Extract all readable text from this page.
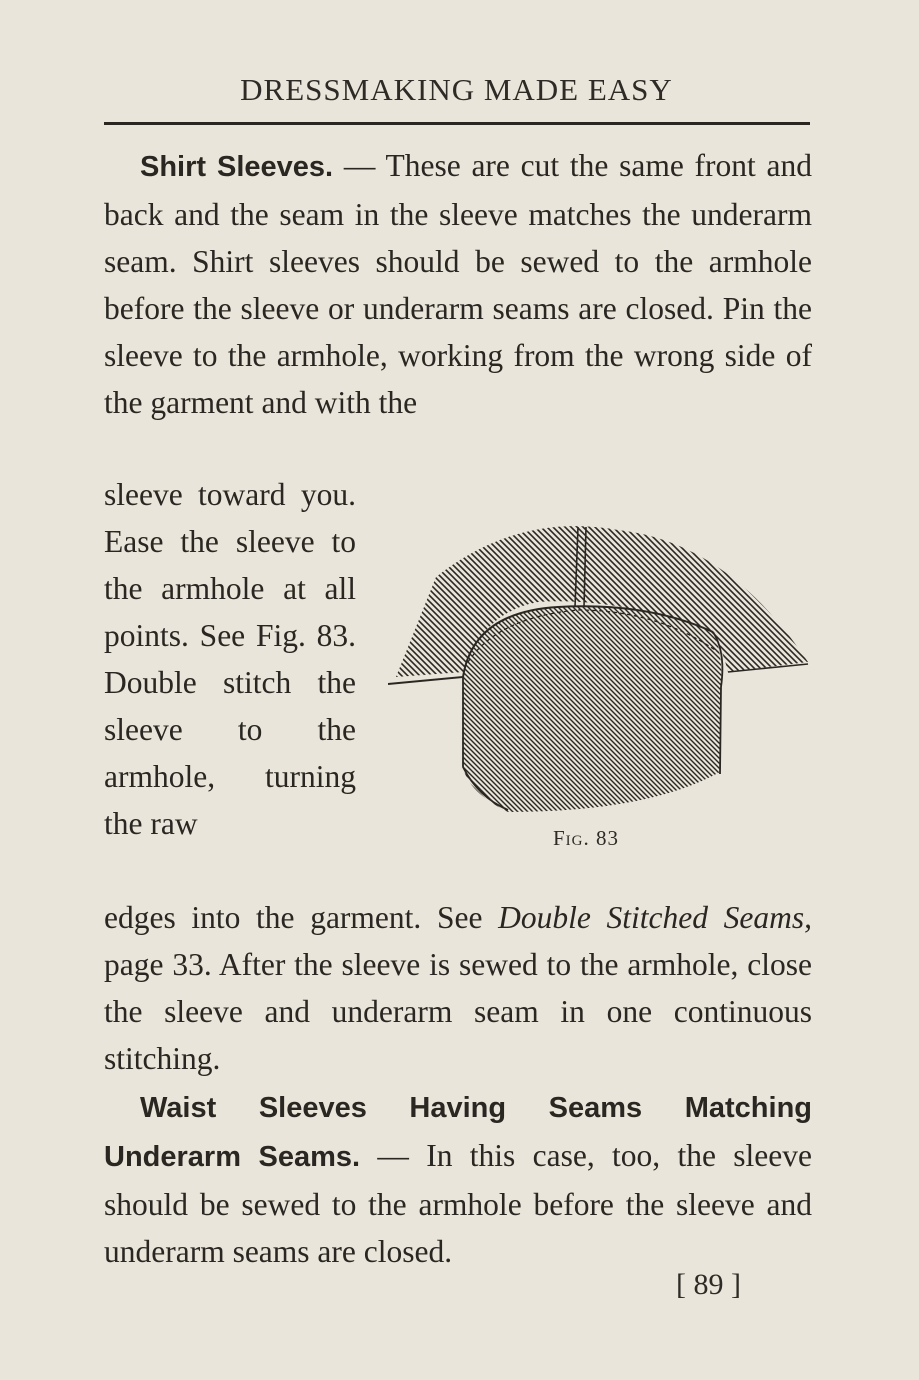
DRESSMAKING MADE EASY

Shirt Sleeves. — These are cut the same front and back and the seam in the sleeve matches the underarm seam. Shirt sleeves should be sewed to the armhole before the sleeve or underarm seams are closed. Pin the sleeve to the armhole, working from the wrong side of the garment and with the

sleeve toward you. Ease the sleeve to the armhole at all points. See Fig. 83. Double stitch the sleeve to the armhole, turning the raw	Fig. 83

edges into the garment. See Double Stitched Seams, page 33. After the sleeve is sewed to the armhole, close the sleeve and underarm seam in one continuous stitching.

Waist Sleeves Having Seams Matching Underarm Seams. — In this case, too, the sleeve should be sewed to the armhole before the sleeve and underarm seams are closed.

[ 89 ]
